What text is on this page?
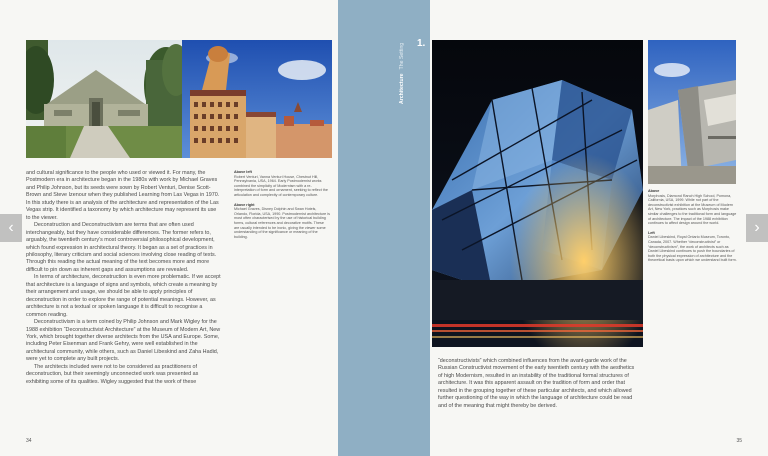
and cultural significance to the people who used or viewed it. For many, the Postmodern era in architecture began in the 1980s with work by Michael Graves and Philip Johnson, but its seeds were sown by Robert Venturi, Denise Scott-Brown and Steve Izenour when they published Learning from Las Vegas in 1970. In this study there is an analysis of the architecture and representation of the Las Vegas strip. It identified a taxonomy by which architecture may represent its use to the viewer.

Deconstruction and Deconstructivism are terms that are often used interchangeably, but they have considerable differences. The former refers to, arguably, the twentieth century’s most controversial philosophical development, which found expression in architectural theory. It began as a set of practices in philosophy, literary criticism and social sciences involving close reading of texts. Through this reading the actual meaning of the text becomes more and more difficult to pin down as inherent gaps and assumptions are revealed.

In terms of architecture, deconstruction is even more problematic. If we accept that architecture is a language of signs and symbols, which create a meaning by their arrangement and usage, we should be able to apply principles of deconstruction in order to explore the range of potential meanings. However, as architecture is not a textual or spoken language it is difficult to recognise a common reading.

Deconstructivism is a term coined by Philip Johnson and Mark Wigley for the 1988 exhibition “Deconstructivist Architecture” at the Museum of Modern Art, New York, which brought together diverse architects from the USA and Europe. Some, including Peter Eisenman and Frank Gehry, were well established in the architectural community, while others, such as Daniel Libeskind and Zaha Hadid, were yet to complete any built projects.

The architects included were not to be considered as practitioners of deconstruction, but their seemingly unconnected work was presented as exhibiting some of its qualities. Wigley suggested that the work of these

Above left
Robert Venturi, Vanna Venturi House, Chestnut Hill, Pennsylvania, USA, 1964. Early Postmodernist works combined the simplicity of Modernism with a re-interpretation of form and ornament, seeking to reflect the articulation and complexity of contemporary culture.
Above right
Michael Graves, Disney Dolphin and Swan Hotels, Orlando, Florida, USA, 1990. Postmodernist architecture is most often characterised by the use of historical building forms, cultural references and decorative motifs. These are usually intended to be ironic, giving the viewer some understanding of the significance or meaning of the building.
34
1.
ArchitectureThe Setting
Above
Morphosis, Diamond Ranch High School, Pomona, California, USA, 1999. While not part of the deconstructivist exhibition at the Museum of Modern Art, New York, practices such as Morphosis make similar challenges to the traditional form and language of architecture. The impact of the 1988 exhibition continues to affect design around the world.
Left
Daniel Libeskind, Royal Ontario Museum, Toronto, Canada, 2007. Whether “deconstructivist” or “deconstructivism”, the work of architects such as Daniel Libeskind continues to push the boundaries of both the physical expression of architecture and the theoretical basis upon which we understand built form.

“deconstructivists” which combined influences from the avant-garde work of the Russian Constructivist movement of the early twentieth century with the aesthetics of high Modernism, resulted in an instability of the traditional formal structures of architecture. It was this apparent assault on the tradition of form and order that resulted in the grouping together of these particular architects, and which allowed further questioning of the way in which the language of architecture could be read and of the meaning that might thereby be derived.

35
‹	›
